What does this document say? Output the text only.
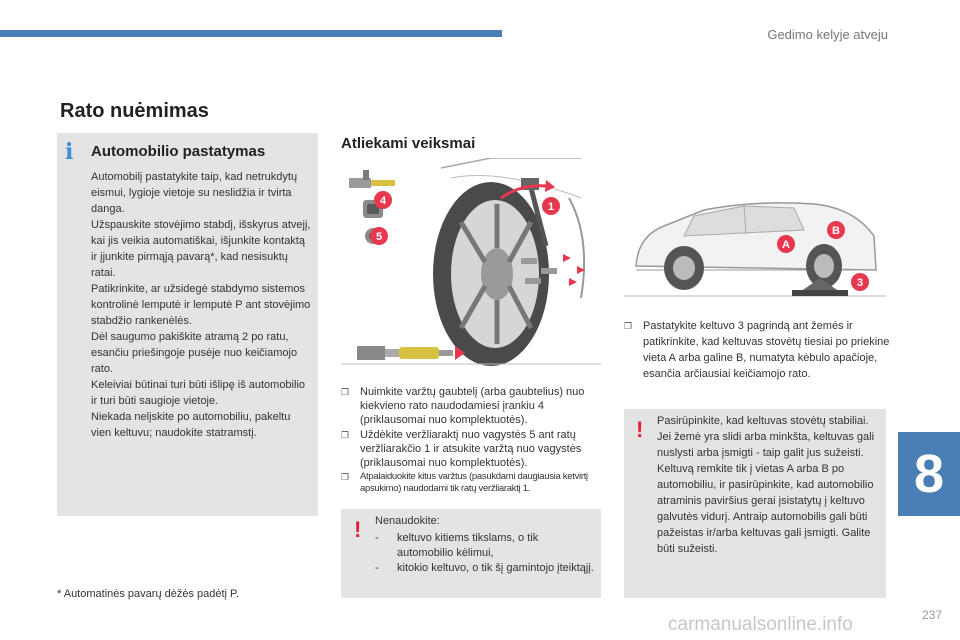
Gedimo kelyje atveju
Rato nuėmimas
i Automobilio pastatymas

Automobilį pastatykite taip, kad netrukdytų eismui, lygioje vietoje su neslidžia ir tvirta danga.

Užspauskite stovėjimo stabdį, išskyrus atvejį, kai jis veikia automatiškai, išjunkite kontaktą ir įjunkite pirmąją pavarą*, kad nesisuktų ratai.

Patikrinkite, ar užsidegė stabdymo sistemos kontrolinė lemputė ir lemputė P ant stovėjimo stabdžio rankenėlės.

Dėl saugumo pakiškite atramą 2 po ratu, esančiu priešingoje pusėje nuo keičiamojo rato.

Keleiviai būtinai turi būti išlipę iš automobilio ir turi būti saugioje vietoje.

Niekada nelįskite po automobiliu, pakeltu vien keltuvu; naudokite statramstį.

* Automatinės pavarų dėžės padėtį P.
Atliekami veiksmai
4
5
1
❐ Nuimkite varžtų gaubtelį (arba gaubtelius) nuo kiekvieno rato naudodamiesi įrankiu 4 (priklausomai nuo komplektuotės).
❐ Uždėkite veržliaraktį nuo vagystės 5 ant ratų veržliarakčio 1 ir atsukite varžtą nuo vagystės (priklausomai nuo komplektuotės).
❐ Atpalaiduokite kitus varžtus (pasukdami daugiausia ketvirtį apsukimo) naudodami tik ratų veržliaraktį 1.
! Nenaudokite:
- keltuvo kitiems tikslams, o tik automobilio kėlimui,
- kitokio keltuvo, o tik šį gamintojo įteiktąjį.
A
B
3
❐ Pastatykite keltuvo 3 pagrindą ant žemės ir patikrinkite, kad keltuvas stovėtų tiesiai po priekine vieta A arba galine B, numatyta kėbulo apačioje, esančia arčiausiai keičiamojo rato.
! Pasirūpinkite, kad keltuvas stovėtų stabiliai. Jei žemė yra slidi arba minkšta, keltuvas gali nuslysti arba įsmigti - taip galit jus sužeisti. Keltuvą remkite tik į vietas A arba B po automobiliu, ir pasirūpinkite, kad automobilio atraminis paviršius gerai įsistatytų į keltuvo galvutės vidurį. Antraip automobilis gali būti pažeistas ir/arba keltuvas gali įsmigti. Galite būti sužeisti.
8
237
carmanualsonline.info
